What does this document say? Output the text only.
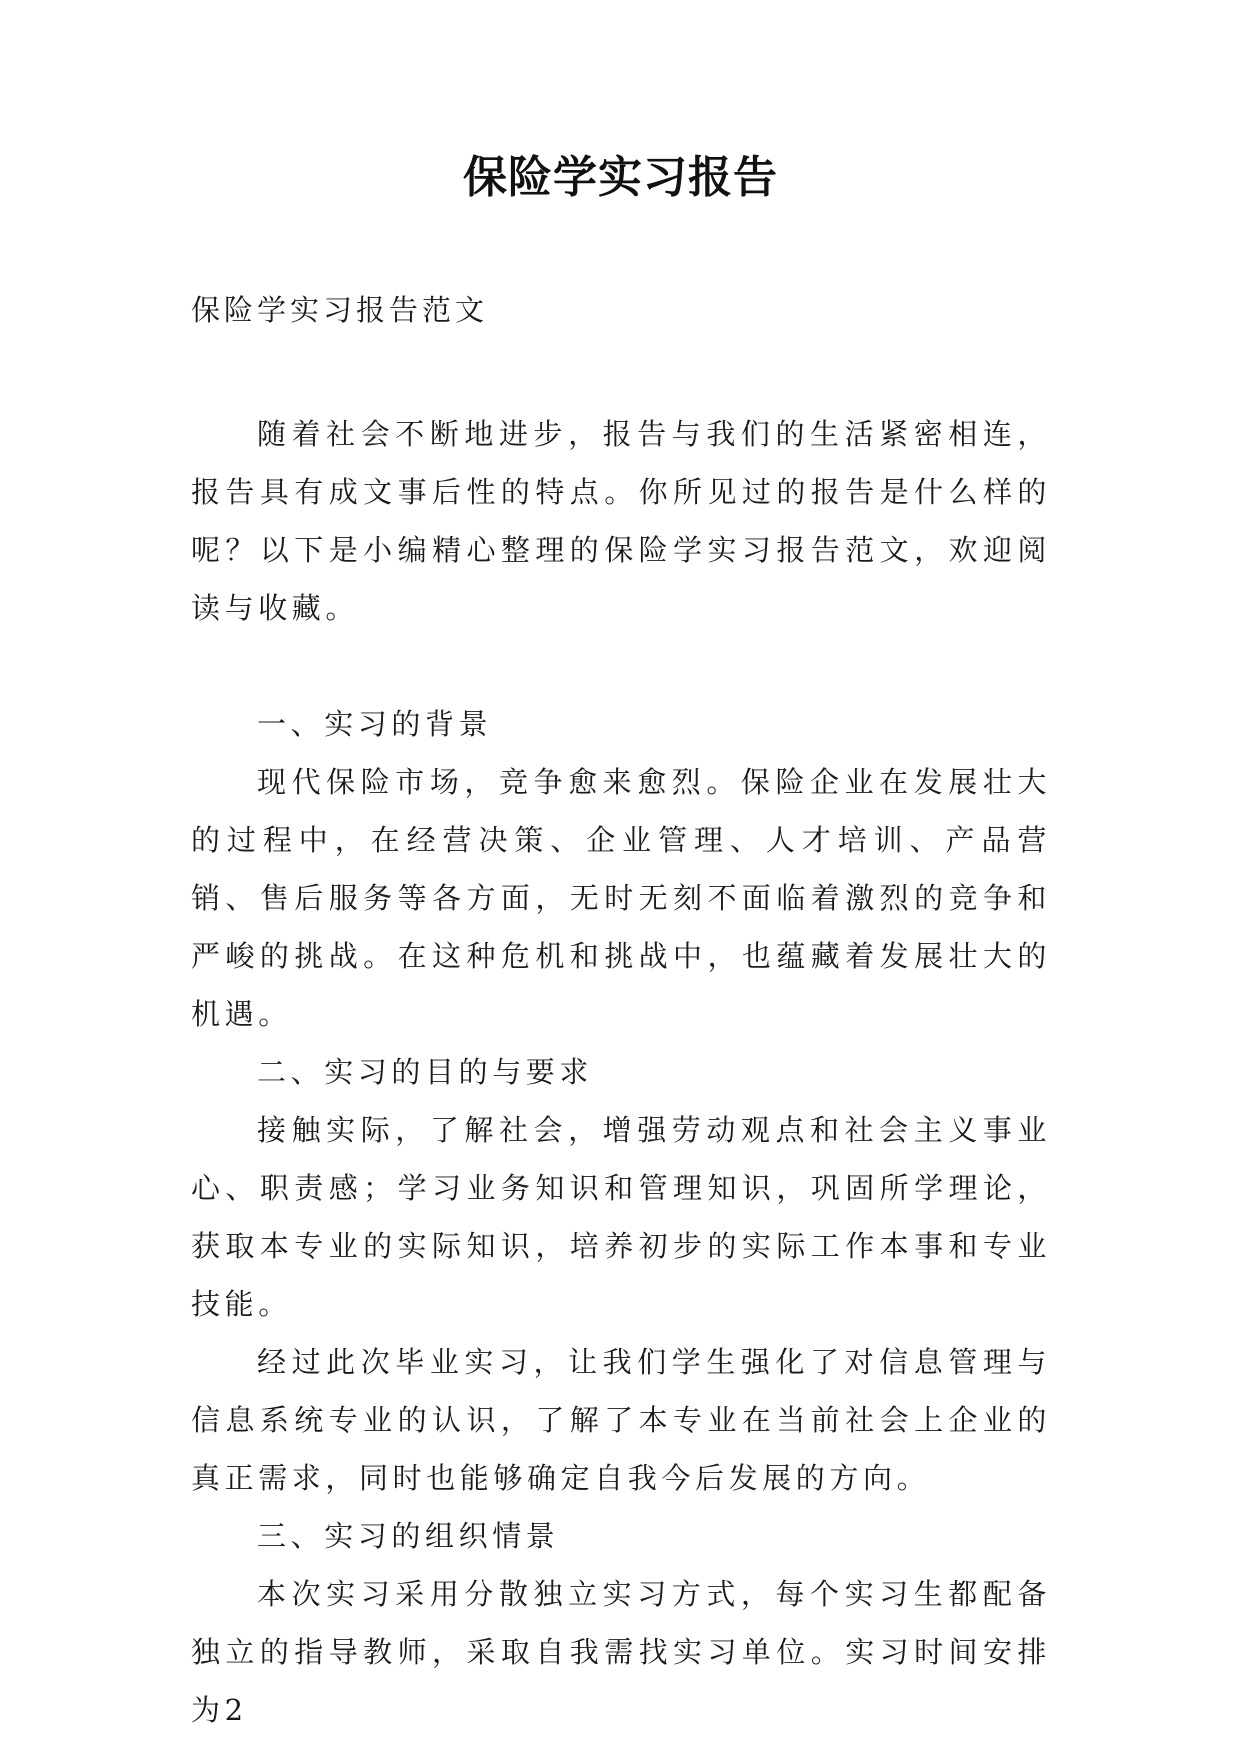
保险学实习报告

保险学实习报告范文

随着社会不断地进步，报告与我们的生活紧密相连，报告具有成文事后性的特点。你所见过的报告是什么样的呢？以下是小编精心整理的保险学实习报告范文，欢迎阅读与收藏。

一、实习的背景

现代保险市场，竞争愈来愈烈。保险企业在发展壮大的过程中，在经营决策、企业管理、人才培训、产品营销、售后服务等各方面，无时无刻不面临着激烈的竞争和严峻的挑战。在这种危机和挑战中，也蕴藏着发展壮大的机遇。

二、实习的目的与要求

接触实际，了解社会，增强劳动观点和社会主义事业心、职责感；学习业务知识和管理知识，巩固所学理论，获取本专业的实际知识，培养初步的实际工作本事和专业技能。

经过此次毕业实习，让我们学生强化了对信息管理与信息系统专业的认识，了解了本专业在当前社会上企业的真正需求，同时也能够确定自我今后发展的方向。

三、实习的组织情景

本次实习采用分散独立实习方式，每个实习生都配备独立的指导教师，采取自我需找实习单位。实习时间安排为2
